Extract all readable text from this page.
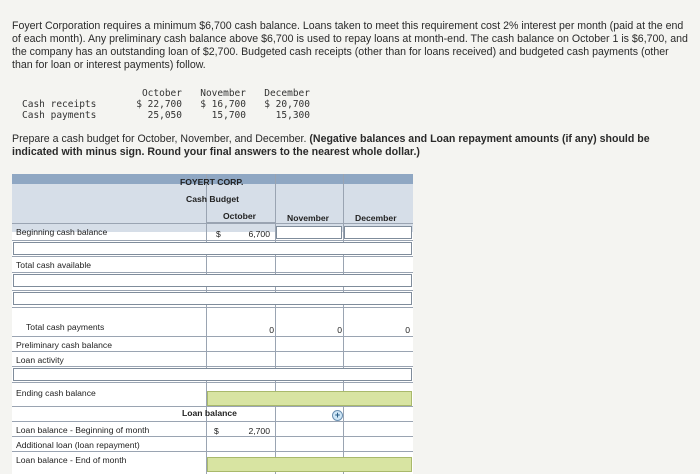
Foyert Corporation requires a minimum $6,700 cash balance. Loans taken to meet this requirement cost 2% interest per month (paid at the end of each month). Any preliminary cash balance above $6,700 is used to repay loans at month-end. The cash balance on October 1 is $6,700, and the company has an outstanding loan of $2,700. Budgeted cash receipts (other than for loans received) and budgeted cash payments (other than for loan or interest payments) follow.
October	November	December
Cash receipts	$ 22,700	$ 16,700	$ 20,700
Cash payments	25,050	15,700	15,300
Prepare a cash budget for October, November, and December. (Negative balances and Loan repayment amounts (if any) should be indicated with minus sign. Round your final answers to the nearest whole dollar.)
FOYERT CORP.
Cash Budget
October	November	December
Beginning cash balance	$	6,700
Total cash available
Total cash payments	0	0	0
Preliminary cash balance
Loan activity
Ending cash balance
Loan balance	+
Loan balance - Beginning of month	$	2,700
Additional loan (loan repayment)
Loan balance - End of month
